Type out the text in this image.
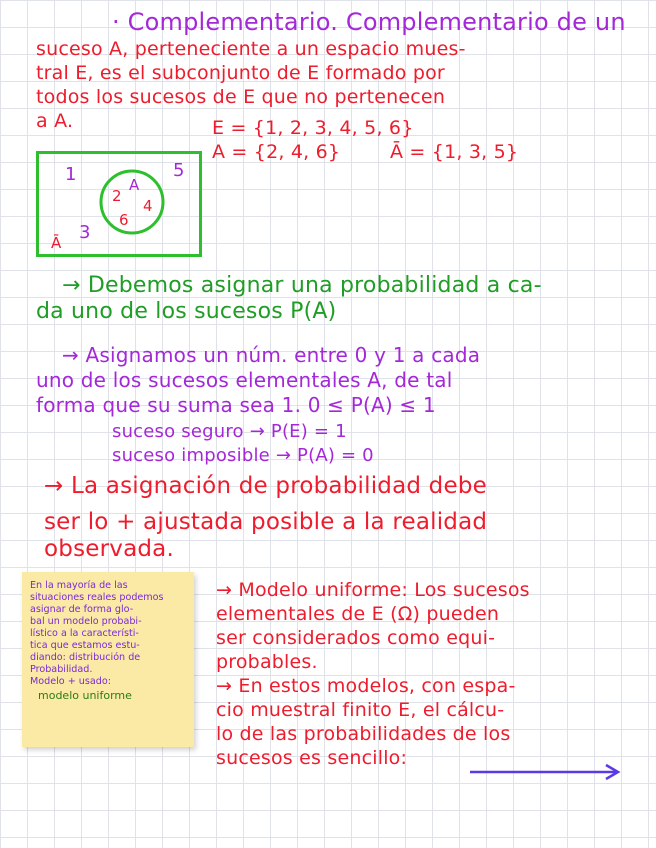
· Complementario. Complementario de un
suceso A, perteneciente a un espacio mues-
tral E, es el subconjunto de E formado por
todos los sucesos de E que no pertenecen
a A.	E = {1, 2, 3, 4, 5, 6}
A = {2, 4, 6}	Ā = {1, 3, 5}
1	5
3
Ā
A
2
4
6
→ Debemos asignar una probabilidad a ca-
da uno de los sucesos P(A)
→ Asignamos un núm. entre 0 y 1 a cada
uno de los sucesos elementales A, de tal
forma que su suma sea 1. 0 ≤ P(A) ≤ 1
suceso seguro → P(E) = 1
suceso imposible → P(A) = 0
→ La asignación de probabilidad debe
ser lo + ajustada posible a la realidad
observada.
En la mayoría de las
situaciones reales podemos
asignar de forma glo-
bal un modelo probabi-
lístico a la característi-
tica que estamos estu-
diando: distribución de
Probabilidad.
Modelo + usado:
modelo uniforme
→ Modelo uniforme: Los sucesos
elementales de E (Ω) pueden
ser considerados como equi-
probables.
→ En estos modelos, con espa-
cio muestral finito E, el cálcu-
lo de las probabilidades de los
sucesos es sencillo:
